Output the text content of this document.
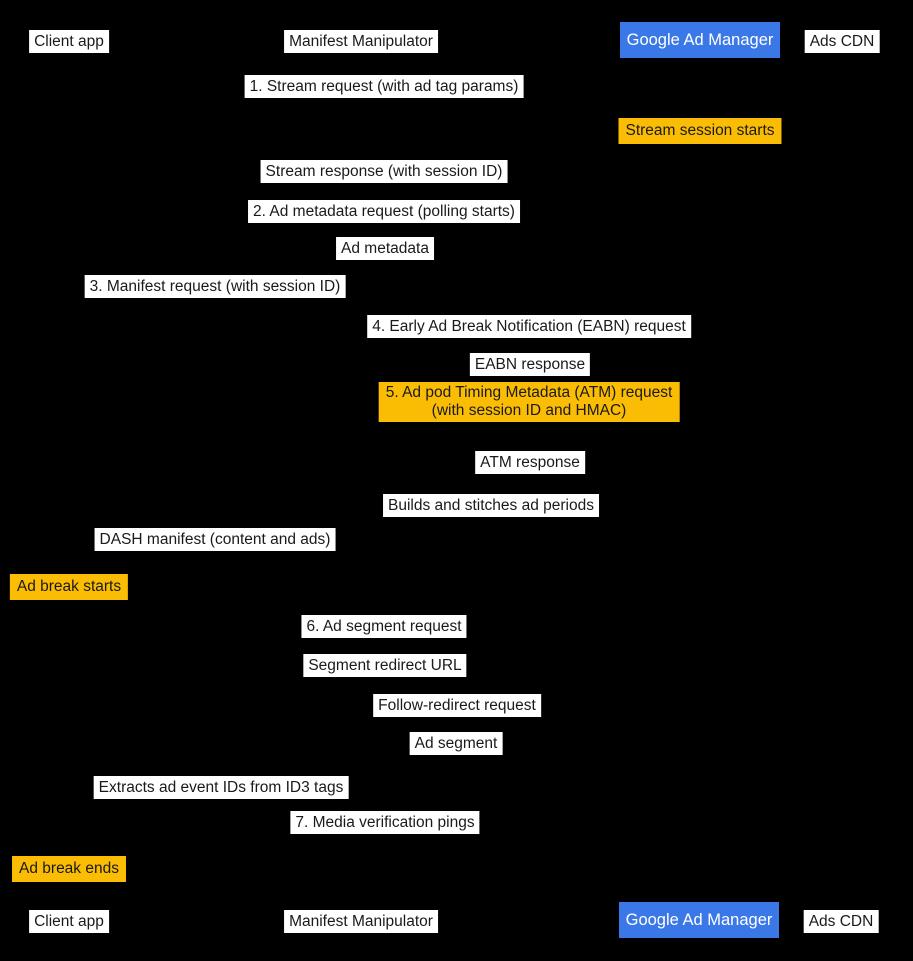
Client app	Manifest Manipulator	Google Ad Manager	Ads CDN
1. Stream request (with ad tag params)
Stream session starts
Stream response (with session ID)
2. Ad metadata request (polling starts)
Ad metadata
3. Manifest request (with session ID)
4. Early Ad Break Notification (EABN) request
EABN response
5. Ad pod Timing Metadata (ATM) request
(with session ID and HMAC)
ATM response
Builds and stitches ad periods
DASH manifest (content and ads)
Ad break starts
6. Ad segment request
Segment redirect URL
Follow-redirect request
Ad segment
Extracts ad event IDs from ID3 tags
7. Media verification pings
Ad break ends
Client app	Manifest Manipulator	Google Ad Manager	Ads CDN
